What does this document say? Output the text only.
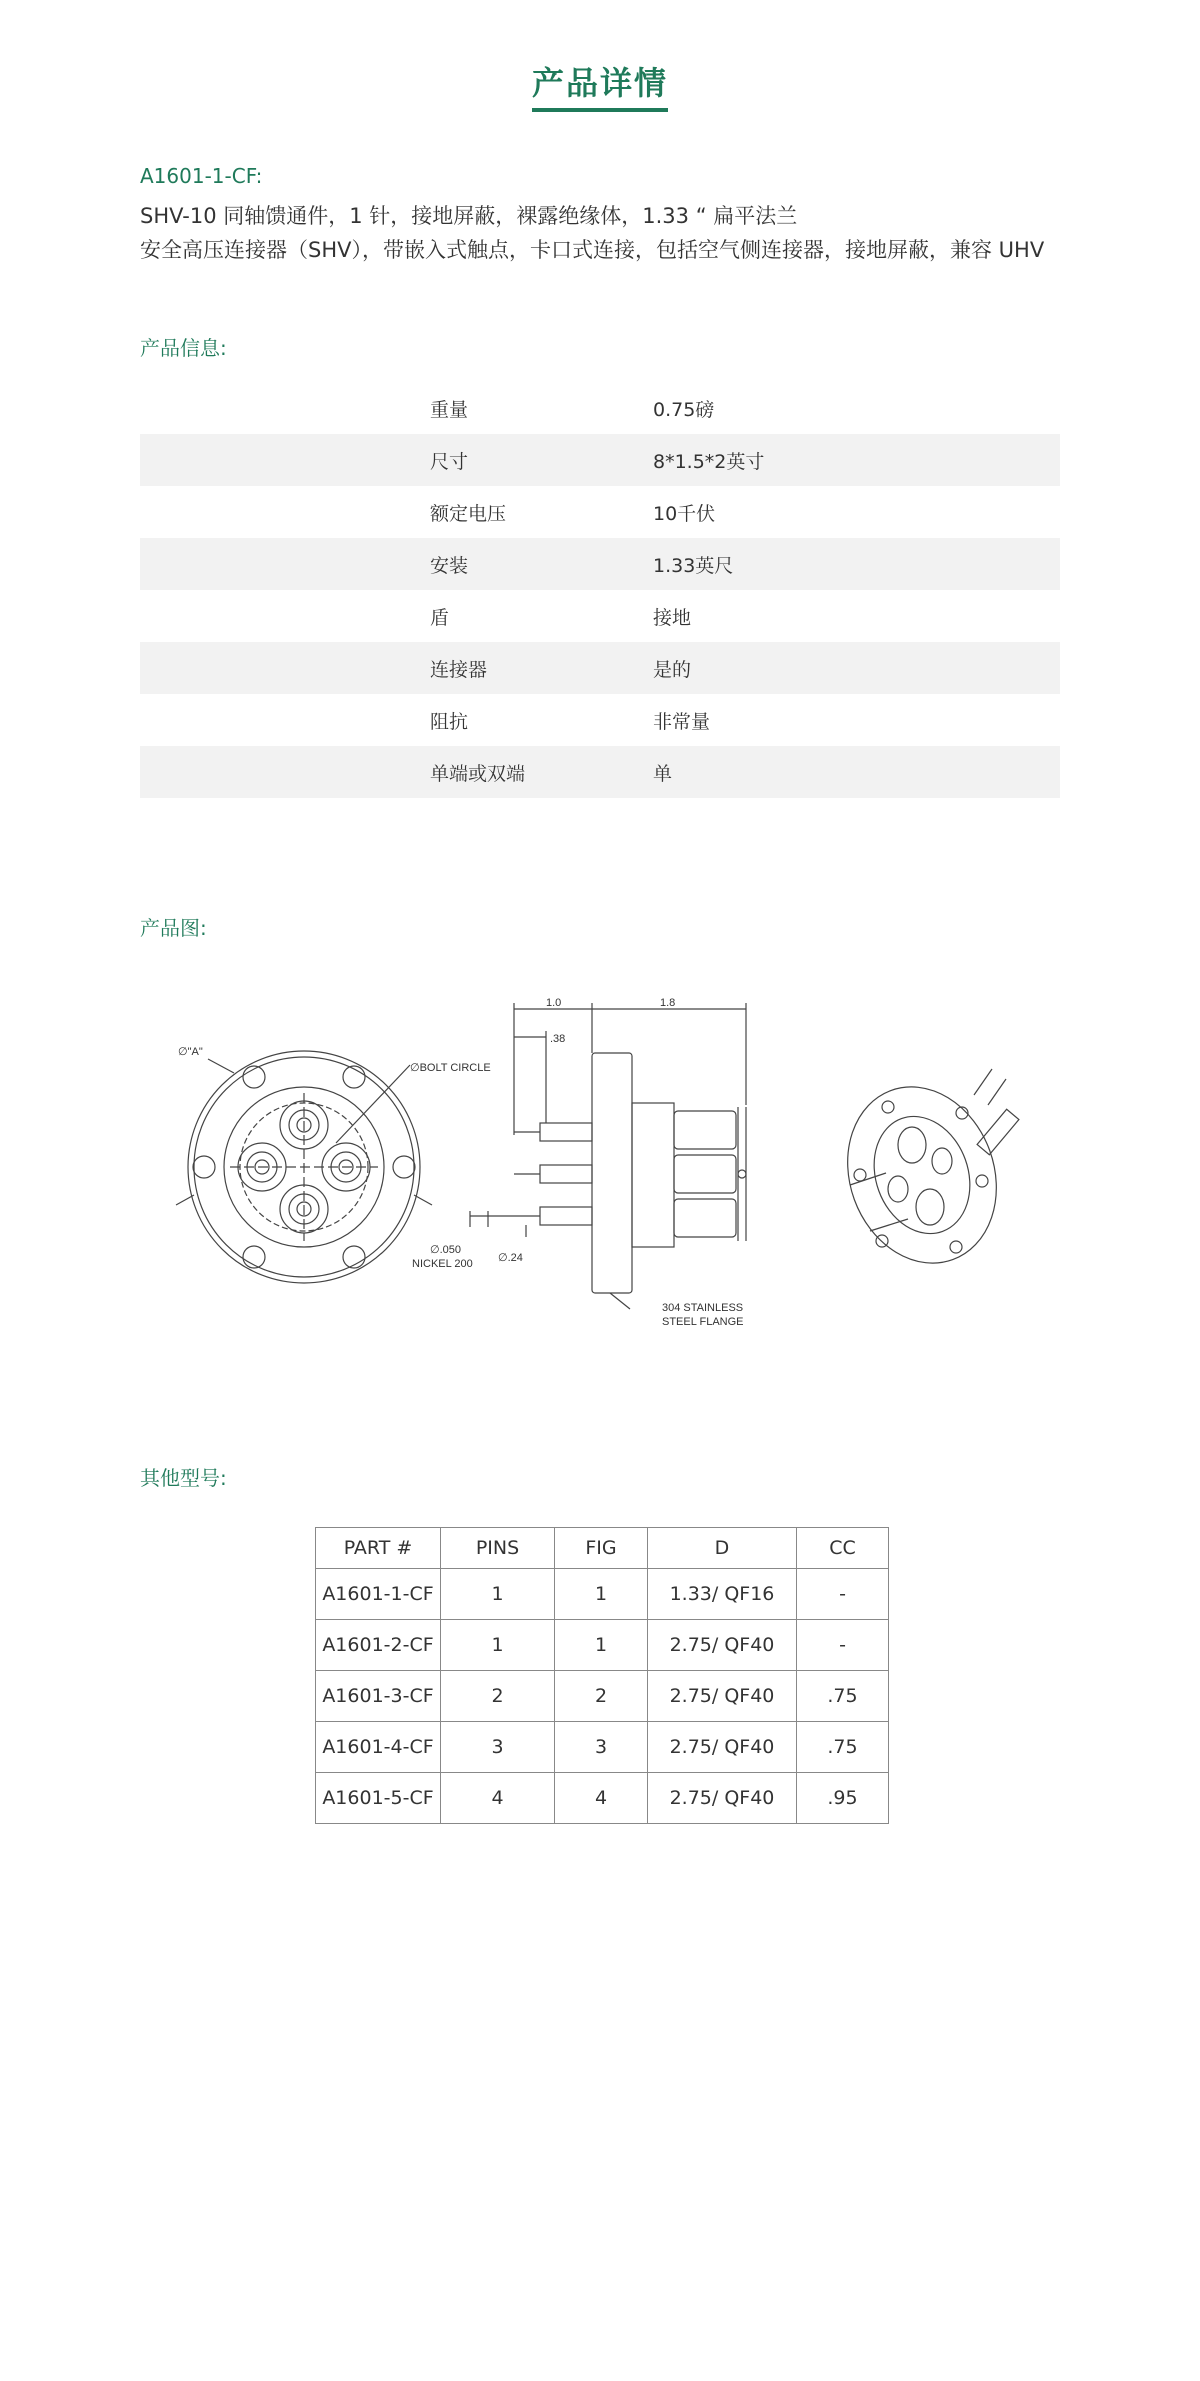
产品详情
A1601-1-CF:
SHV-10 同轴馈通件，1 针，接地屏蔽，裸露绝缘体，1.33 “ 扁平法兰
安全高压连接器（SHV），带嵌入式触点，卡口式连接，包括空气侧连接器，接地屏蔽，兼容 UHV
产品信息:
重量	0.75磅
尺寸	8*1.5*2英寸
额定电压	10千伏
安装	1.33英尺
盾	接地
连接器	是的
阻抗	非常量
单端或双端	单
产品图:
∅"A"
∅BOLT CIRCLE
1.0	1.8
.38
∅.050
NICKEL 200 ∅.24
304 STAINLESS
STEEL FLANGE
其他型号:
PART #	PINS	FIG	D	CC
A1601-1-CF	1	1	1.33/ QF16	-
A1601-2-CF	1	1	2.75/ QF40	-
A1601-3-CF	2	2	2.75/ QF40	.75
A1601-4-CF	3	3	2.75/ QF40	.75
A1601-5-CF	4	4	2.75/ QF40	.95
